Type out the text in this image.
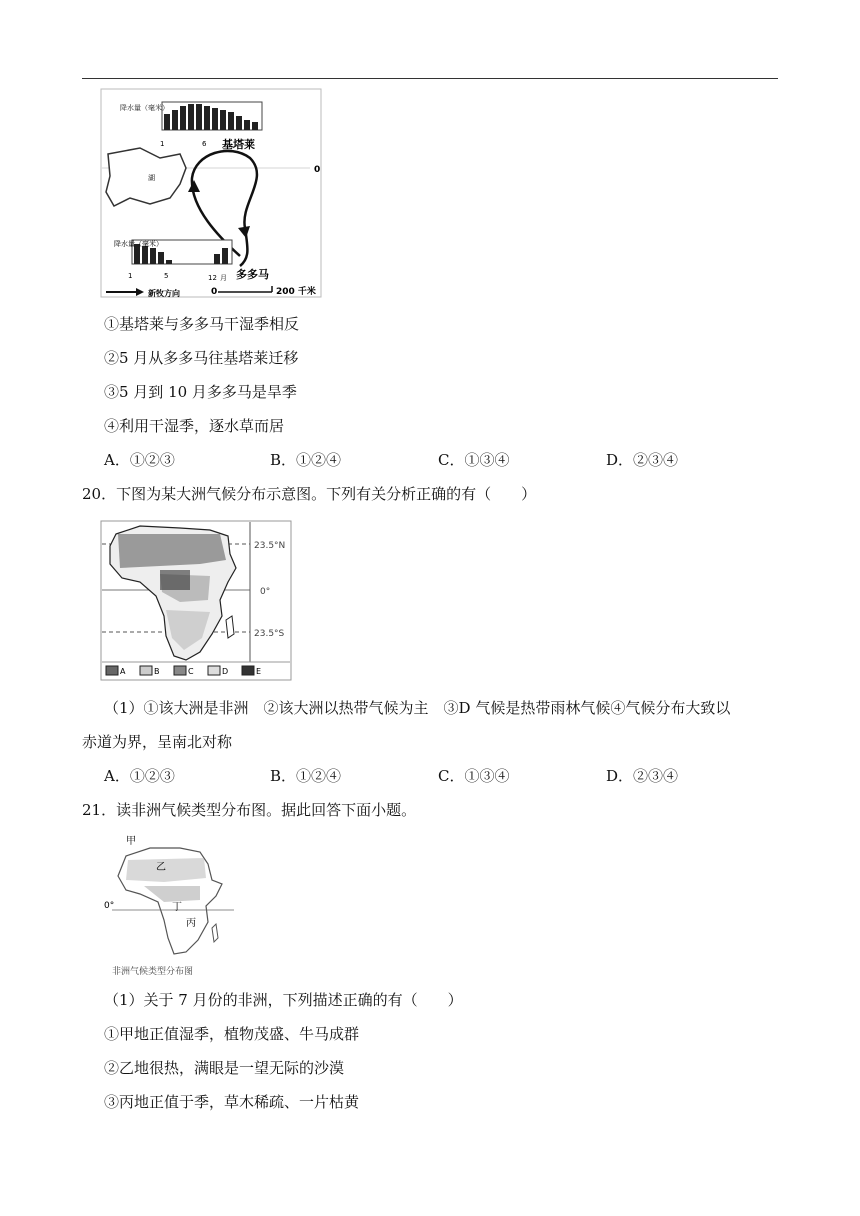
降水量（毫米）
1	6 基塔莱
0
湖
降水量（毫米）
1	5	12 月 多多马
新牧方向	0	200 千米
①基塔莱与多多马干湿季相反
②5 月从多多马往基塔莱迁移
③5 月到 10 月多多马是旱季
④利用干湿季，逐水草而居
A．①②③	B．①②④	C．①③④	D．②③④
20．下图为某大洲气候分布示意图。下列有关分析正确的有（　　）
23.5°N
0°
23.5°S
A	B	C	D	E
（1）①该大洲是非洲　②该大洲以热带气候为主　③D 气候是热带雨林气候④气候分布大致以
赤道为界，呈南北对称
A．①②③	B．①②④	C．①③④	D．②③④
21．读非洲气候类型分布图。据此回答下面小题。
甲
乙
丁
丙
0°
非洲气候类型分布图
（1）关于 7 月份的非洲，下列描述正确的有（　　）
①甲地正值湿季，植物茂盛、牛马成群
②乙地很热，满眼是一望无际的沙漠
③丙地正值于季，草木稀疏、一片枯黄
